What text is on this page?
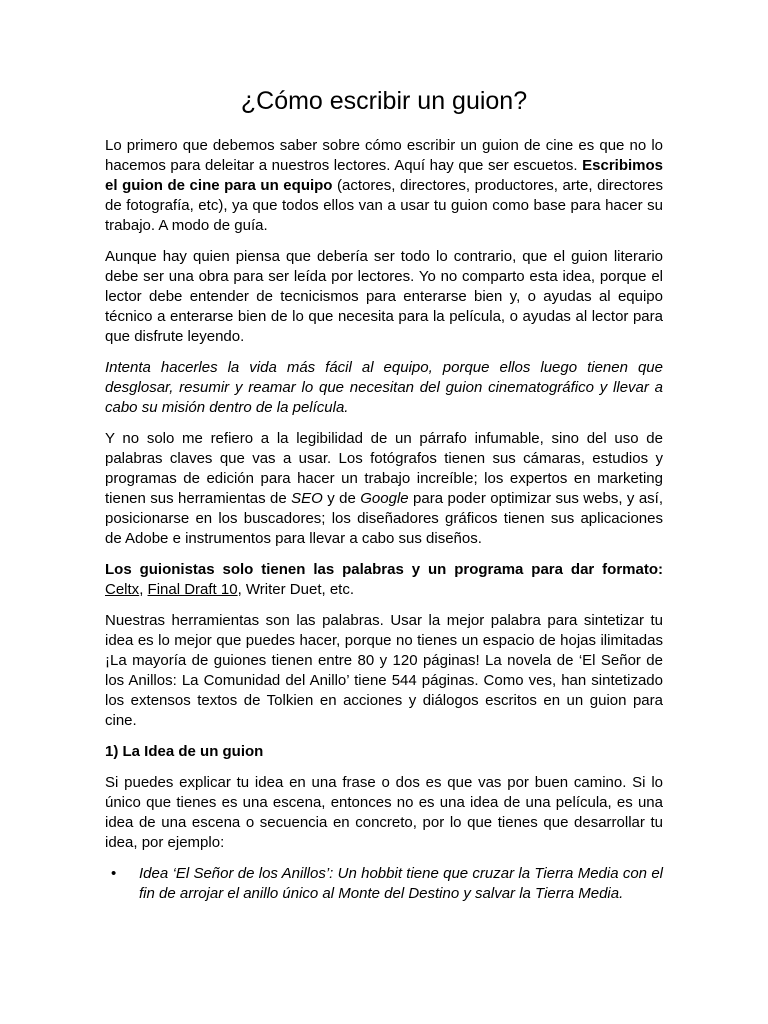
¿Cómo escribir un guion?

Lo primero que debemos saber sobre cómo escribir un guion de cine es que no lo hacemos para deleitar a nuestros lectores. Aquí hay que ser escuetos. Escribimos el guion de cine para un equipo (actores, directores, productores, arte, directores de fotografía, etc), ya que todos ellos van a usar tu guion como base para hacer su trabajo. A modo de guía.

Aunque hay quien piensa que debería ser todo lo contrario, que el guion literario debe ser una obra para ser leída por lectores. Yo no comparto esta idea, porque el lector debe entender de tecnicismos para enterarse bien y, o ayudas al equipo técnico a enterarse bien de lo que necesita para la película, o ayudas al lector para que disfrute leyendo.

Intenta hacerles la vida más fácil al equipo, porque ellos luego tienen que desglosar, resumir y reamar lo que necesitan del guion cinematográfico y llevar a cabo su misión dentro de la película.

Y no solo me refiero a la legibilidad de un párrafo infumable, sino del uso de palabras claves que vas a usar. Los fotógrafos tienen sus cámaras, estudios y programas de edición para hacer un trabajo increíble; los expertos en marketing tienen sus herramientas de SEO y de Google para poder optimizar sus webs, y así, posicionarse en los buscadores; los diseñadores gráficos tienen sus aplicaciones de Adobe e instrumentos para llevar a cabo sus diseños.

Los guionistas solo tienen las palabras y un programa para dar formato: Celtx, Final Draft 10, Writer Duet, etc.

Nuestras herramientas son las palabras. Usar la mejor palabra para sintetizar tu idea es lo mejor que puedes hacer, porque no tienes un espacio de hojas ilimitadas ¡La mayoría de guiones tienen entre 80 y 120 páginas! La novela de ‘El Señor de los Anillos: La Comunidad del Anillo’ tiene 544 páginas. Como ves, han sintetizado los extensos textos de Tolkien en acciones y diálogos escritos en un guion para cine.

1) La Idea de un guion

Si puedes explicar tu idea en una frase o dos es que vas por buen camino. Si lo único que tienes es una escena, entonces no es una idea de una película, es una idea de una escena o secuencia en concreto, por lo que tienes que desarrollar tu idea, por ejemplo:

•	Idea ‘El Señor de los Anillos’: Un hobbit tiene que cruzar la Tierra Media con el fin de arrojar el anillo único al Monte del Destino y salvar la Tierra Media.
